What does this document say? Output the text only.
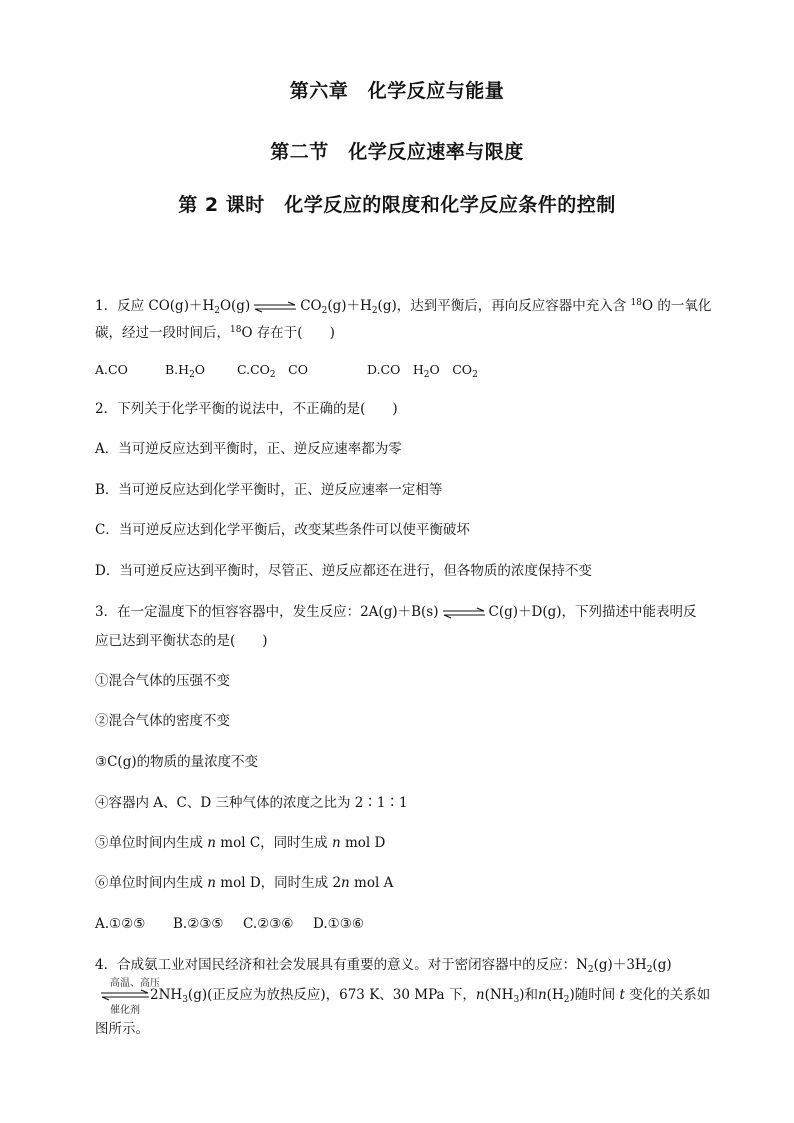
第六章　化学反应与能量
第二节　化学反应速率与限度
第 2 课时　化学反应的限度和化学反应条件的控制
1．反应 $CO(g)+H_2O(g)$ ⇌ $CO_2(g)+H_2(g)$，达到平衡后，再向反应容器中充入含 $^{18}$O 的一氧化
碳，经过一段时间后，$^{18}$O 存在于(　　)
A.CO	$B.H_2O$	$C.CO_2$　CO	D.CO　$H_2O$　$CO_2$
2．下列关于化学平衡的说法中，不正确的是(　　)
A．当可逆反应达到平衡时，正、逆反应速率都为零
B．当可逆反应达到化学平衡时，正、逆反应速率一定相等
C．当可逆反应达到化学平衡后，改变某些条件可以使平衡破坏
D．当可逆反应达到平衡时，尽管正、逆反应都还在进行，但各物质的浓度保持不变
3．在一定温度下的恒容容器中，发生反应：2A(g)＋B(s) ⇌ C(g)＋D(g)，下列描述中能表明反
应已达到平衡状态的是(　　)
①混合气体的压强不变
②混合气体的密度不变
③C(g)的物质的量浓度不变
④容器内 A、C、D 三种气体的浓度之比为 2∶1∶1
⑤单位时间内生成 n mol C，同时生成 n mol D
⑥单位时间内生成 n mol D，同时生成 2n mol A
A.①②⑤ B.②③⑤ C.②③⑥ D.①③⑥
4．合成氨工业对国民经济和社会发展具有重要的意义。对于密闭容器中的反应：$N_2(g)+3H_2(g)$
高温、高压
催化剂
⇌ $2NH_3(g)$(正反应为放热反应)，673 K、30 MPa 下，$n(NH_3)$和$n(H_2)$随时间 t 变化的关系如
图所示。
